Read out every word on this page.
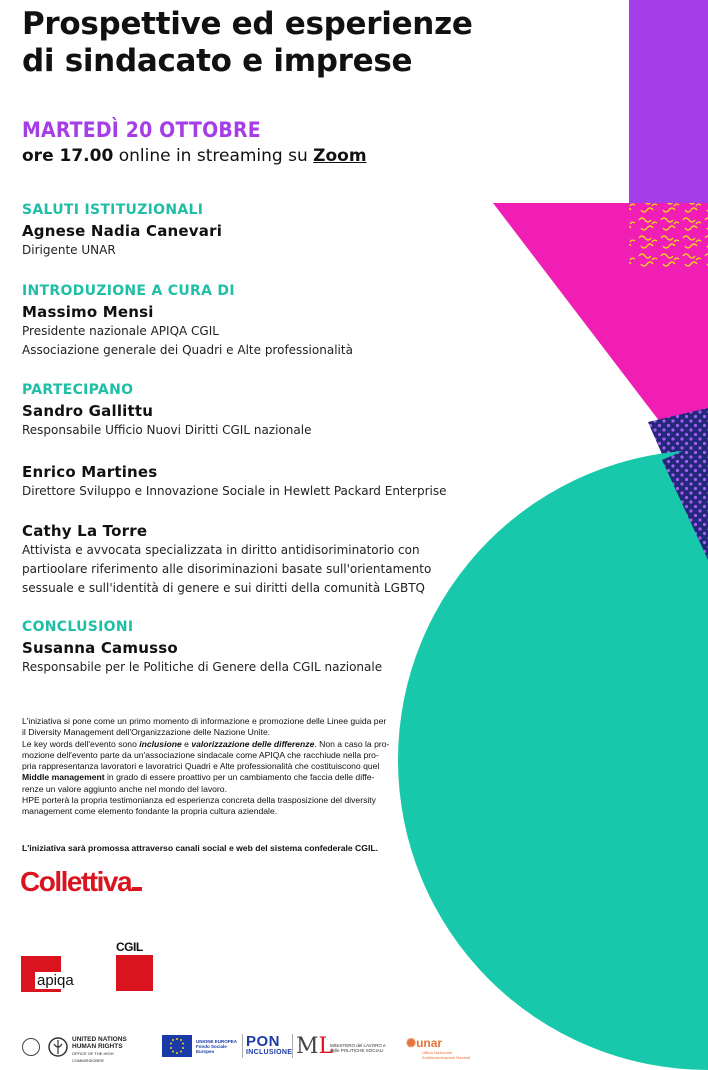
Prospettive ed esperienze
di sindacato e imprese

MARTEDÌ 20 OTTOBRE

ore 17.00 online in streaming su Zoom

SALUTI ISTITUZIONALI

Agnese Nadia Canevari

Dirigente UNAR

INTRODUZIONE A CURA DI

Massimo Mensi

Presidente nazionale APIQA CGIL

Associazione generale dei Quadri e Alte professionalità

PARTECIPANO

Sandro Gallittu

Responsabile Ufficio Nuovi Diritti CGIL nazionale

Enrico Martines

Direttore Sviluppo e Innovazione Sociale in Hewlett Packard Enterprise

Cathy La Torre

Attivista e avvocata specializzata in diritto antidisoriminatorio con

partioolare riferimento alle disoriminazioni basate sull'orientamento

sessuale e sull'identità di genere e sui diritti della comunità LGBTQ

CONCLUSIONI

Susanna Camusso

Responsabile per le Politiche di Genere della CGIL nazionale

L'iniziativa si pone come un primo momento di informazione e promozione delle Linee guida per
il Diversity Management dell'Organizzazione delle Nazione Unite.

Le key words dell'evento sono inclusione e valorizzazione delle differenze. Non a caso la pro-
mozione dell'evento parte da un'associazione sindacale come APIQA che racchiude nella pro-
pria rappresentanza lavoratori e lavoratrici Quadri e Alte professionalità che costituiscono quel
Middle management in grado di essere proattivo per un cambiamento che faccia delle diffe-
renze un valore aggiunto anche nel mondo del lavoro.

HPE porterà la propria testimonianza ed esperienza concreta della trasposizione del diversity
management come elemento fondante la propria cultura aziendale.

L'iniziativa sarà promossa attraverso canali social e web del sistema confederale CGIL.
Collettiva
apiqa
CGIL
UNITED NATIONS HUMAN RIGHTS
OFFICE OF THE HIGH COMMISSIONER
UNIONE EUROPEA Fondo Sociale Europeo
PON
INCLUSIONE ML
MINISTERO del LAVORO e delle POLITICHE SOCIALI
✺unar
Ufficio Nazionale Antidiscriminazioni Razziali
